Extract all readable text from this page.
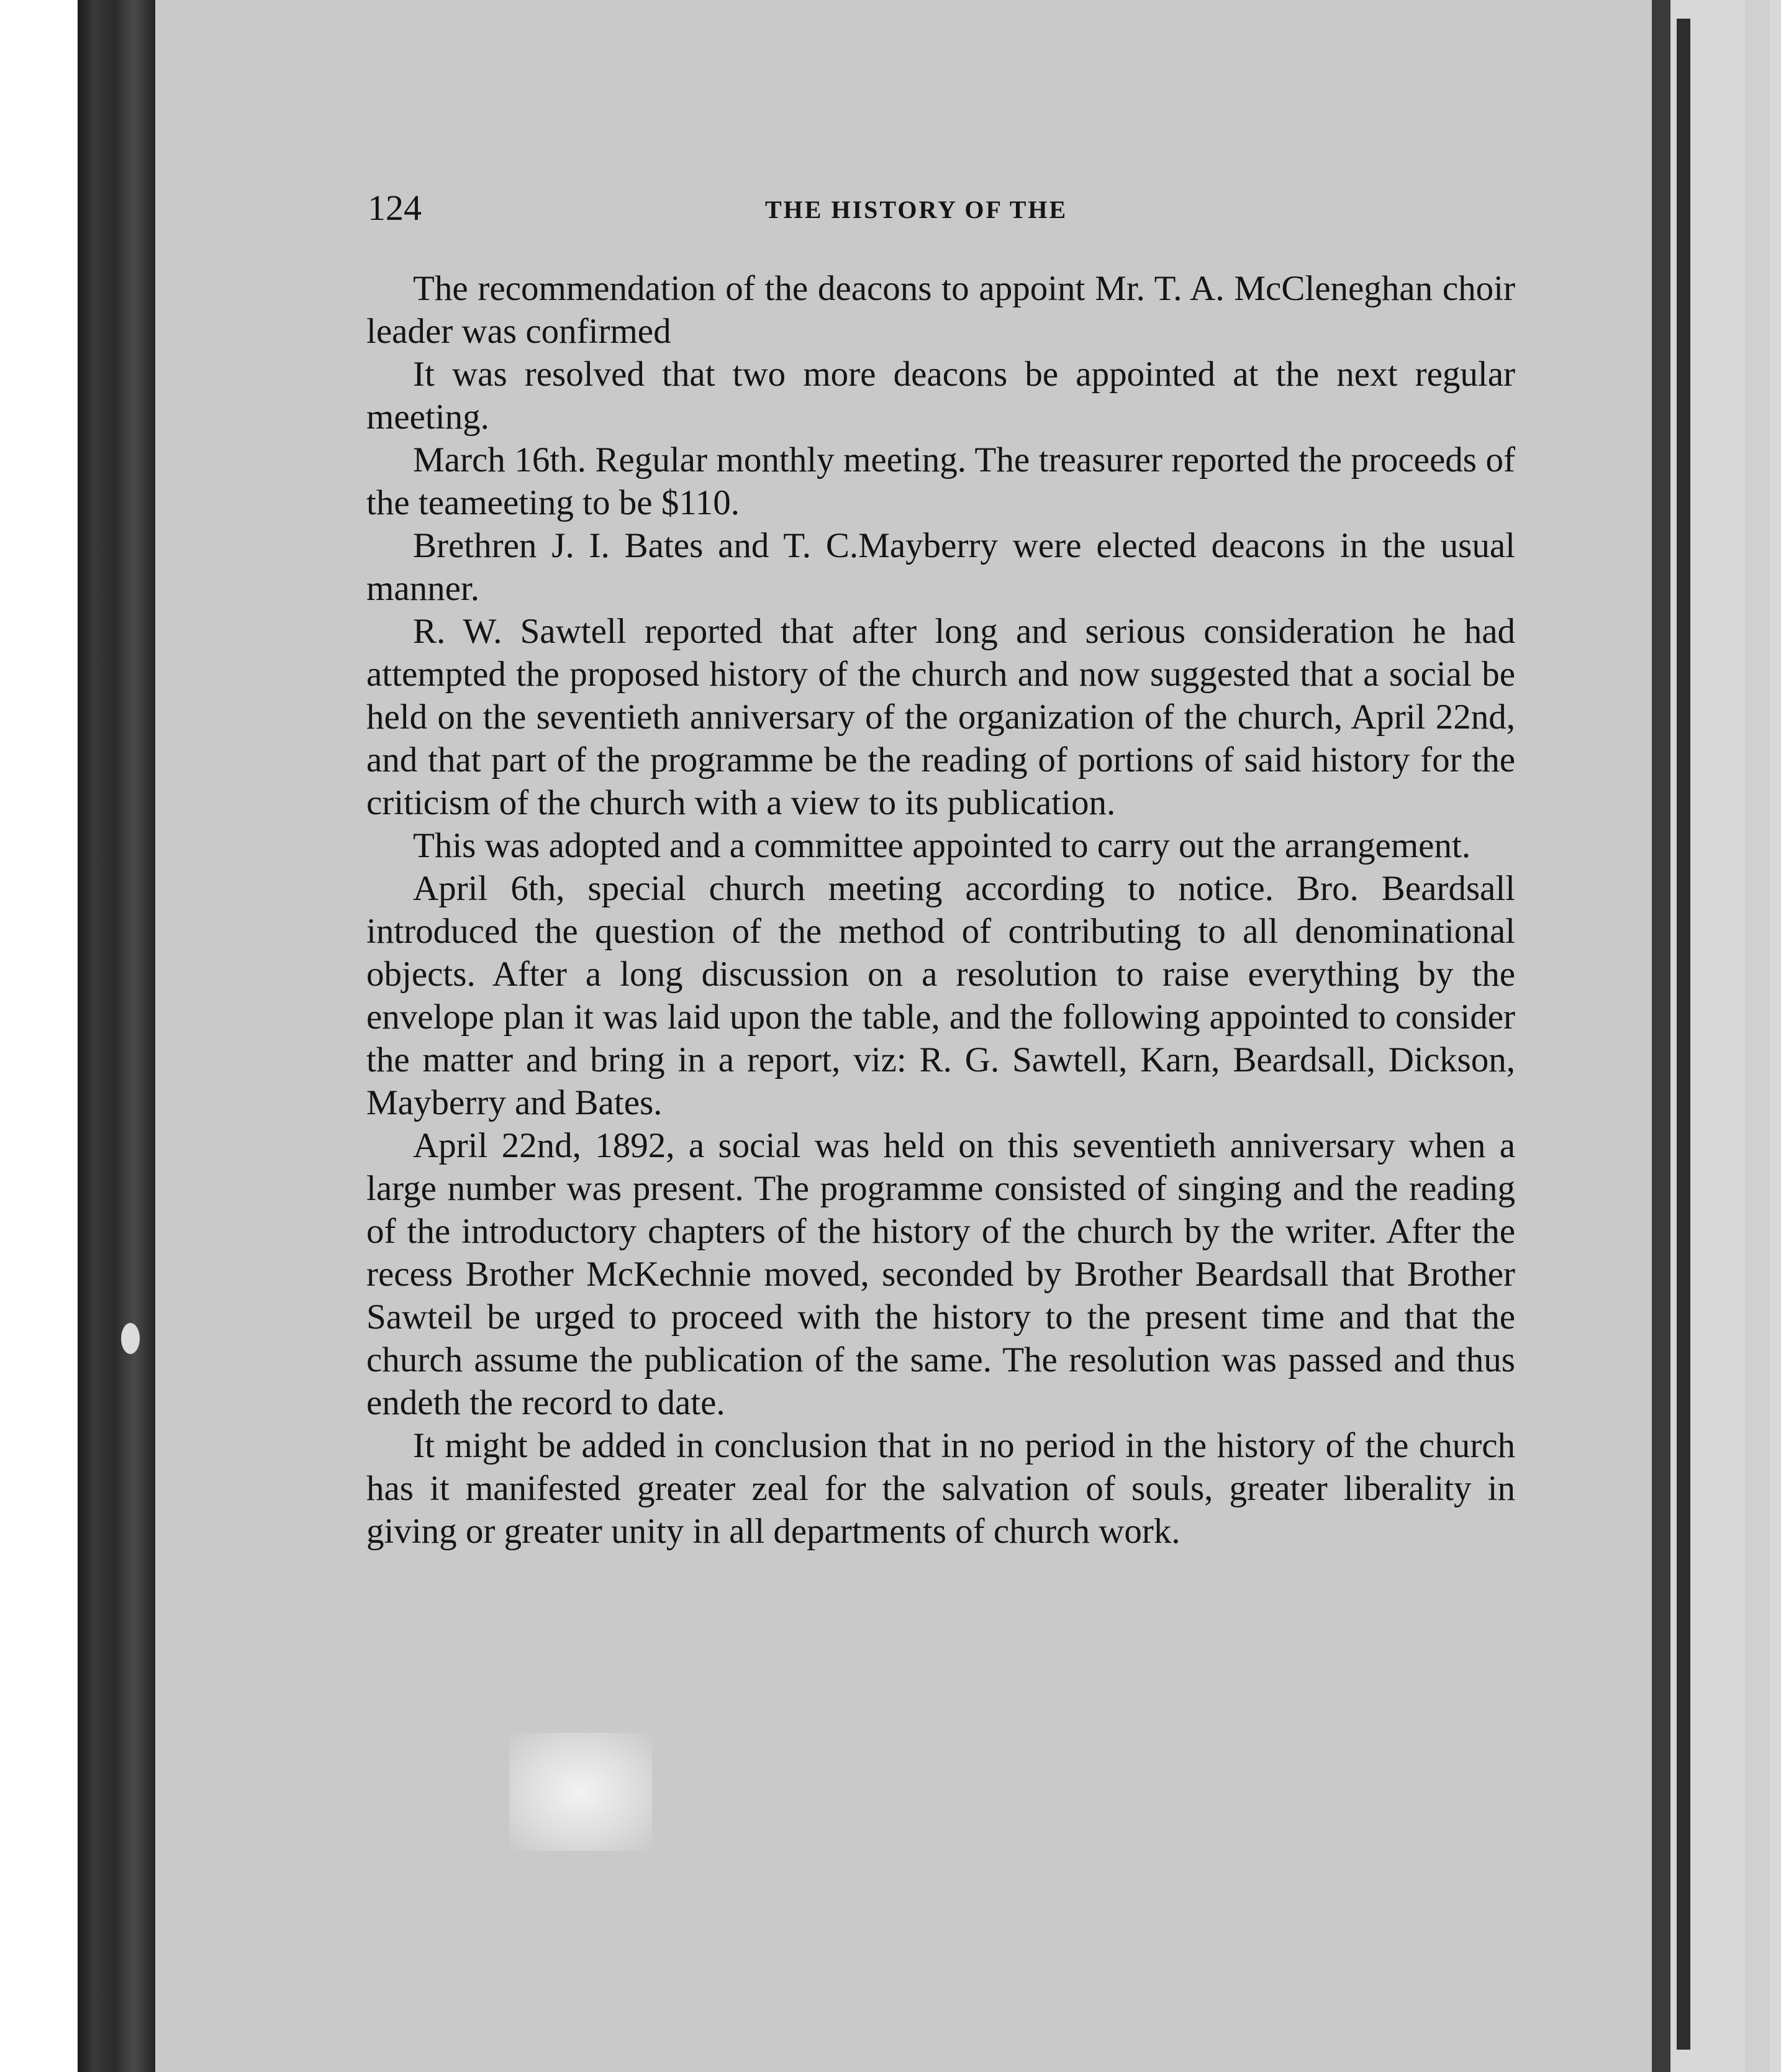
124	THE HISTORY OF THE

The recommendation of the deacons to appoint Mr. T. A. McCleneghan choir leader was confirmed

It was resolved that two more deacons be appointed at the next regular meeting.

March 16th. Regular monthly meeting. The treasurer reported the proceeds of the teameeting to be $110.

Brethren J. I. Bates and T. C.Mayberry were elected deacons in the usual manner.

R. W. Sawtell reported that after long and serious consideration he had attempted the proposed history of the church and now suggested that a social be held on the seventieth anniversary of the organization of the church, April 22nd, and that part of the programme be the reading of portions of said history for the criticism of the church with a view to its publication.

This was adopted and a committee appointed to carry out the arrangement.

April 6th, special church meeting according to notice. Bro. Beardsall introduced the question of the method of contributing to all denominational objects. After a long discussion on a resolution to raise everything by the envelope plan it was laid upon the table, and the following appointed to consider the matter and bring in a report, viz: R. G. Sawtell, Karn, Beardsall, Dickson, Mayberry and Bates.

April 22nd, 1892, a social was held on this seventieth anniversary when a large number was present. The programme consisted of singing and the reading of the introductory chapters of the history of the church by the writer. After the recess Brother McKechnie moved, seconded by Brother Beardsall that Brother Sawteil be urged to proceed with the history to the present time and that the church assume the publication of the same. The resolution was passed and thus endeth the record to date.

It might be added in conclusion that in no period in the history of the church has it manifested greater zeal for the salvation of souls, greater liberality in giving or greater unity in all departments of church work.
